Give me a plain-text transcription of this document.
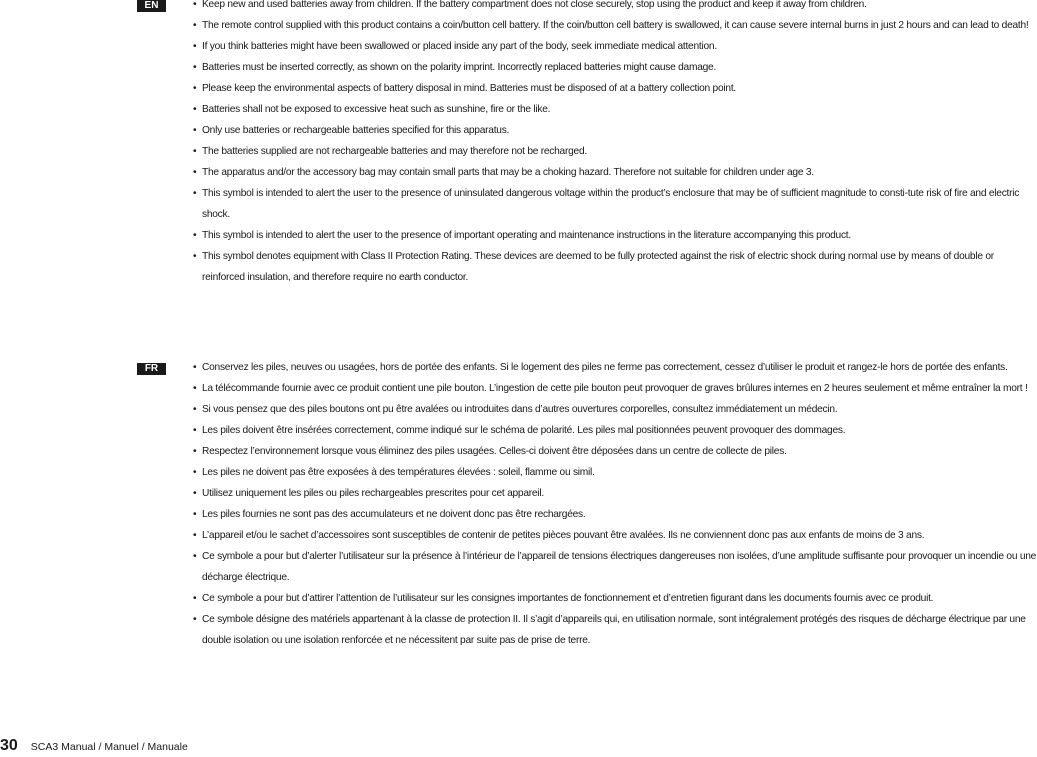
EN	• Keep new and used batteries away from children. If the battery compartment does not close securely, stop using the product and keep it away from children.
• The remote control supplied with this product contains a coin/button cell battery. If the coin/button cell battery is swallowed, it can cause severe internal burns in just 2 hours and can lead to death!
• If you think batteries might have been swallowed or placed inside any part of the body, seek immediate medical attention.
• Batteries must be inserted correctly, as shown on the polarity imprint. Incorrectly replaced batteries might cause damage.
• Please keep the environmental aspects of battery disposal in mind. Batteries must be disposed of at a battery collection point.
• Batteries shall not be exposed to excessive heat such as sunshine, fire or the like.
• Only use batteries or rechargeable batteries specified for this apparatus.
• The batteries supplied are not rechargeable batteries and may therefore not be recharged.
• The apparatus and/or the accessory bag may contain small parts that may be a choking hazard. Therefore not suitable for children under age 3.
• This symbol is intended to alert the user to the presence of uninsulated dangerous voltage within the product’s enclosure that may be of sufficient magnitude to consti-tute risk of fire and electric shock.
• This symbol is intended to alert the user to the presence of important operating and maintenance instructions in the literature accompanying this product.
• This symbol denotes equipment with Class II Protection Rating. These devices are deemed to be fully protected against the risk of electric shock during normal use by means of double or reinforced insulation, and therefore require no earth conductor.
FR	• Conservez les piles, neuves ou usagées, hors de portée des enfants. Si le logement des piles ne ferme pas correctement, cessez d’utiliser le produit et rangez-le hors de portée des enfants.
• La télécommande fournie avec ce produit contient une pile bouton. L’ingestion de cette pile bouton peut provoquer de graves brûlures internes en 2 heures seulement et même entraîner la mort !
• Si vous pensez que des piles boutons ont pu être avalées ou introduites dans d’autres ouvertures corporelles, consultez immédiatement un médecin.
• Les piles doivent être insérées correctement, comme indiqué sur le schéma de polarité. Les piles mal positionnées peuvent provoquer des dommages.
• Respectez l’environnement lorsque vous éliminez des piles usagées. Celles-ci doivent être déposées dans un centre de collecte de piles.
• Les piles ne doivent pas être exposées à des températures élevées : soleil, flamme ou simil.
• Utilisez uniquement les piles ou piles rechargeables prescrites pour cet appareil.
• Les piles fournies ne sont pas des accumulateurs et ne doivent donc pas être rechargées.
• L’appareil et/ou le sachet d’accessoires sont susceptibles de contenir de petites pièces pouvant être avalées. Ils ne conviennent donc pas aux enfants de moins de 3 ans.
• Ce symbole a pour but d’alerter l’utilisateur sur la présence à l’intérieur de l’appareil de tensions électriques dangereuses non isolées, d’une amplitude suffisante pour provoquer un incendie ou une décharge électrique.
• Ce symbole a pour but d’attirer l’attention de l’utilisateur sur les consignes importantes de fonctionnement et d’entretien figurant dans les documents fournis avec ce produit.
• Ce symbole désigne des matériels appartenant à la classe de protection II. Il s’agit d’appareils qui, en utilisation normale, sont intégralement protégés des risques de décharge électrique par une double isolation ou une isolation renforcée et ne nécessitent par suite pas de prise de terre.
30 SCA3 Manual / Manuel / Manuale
